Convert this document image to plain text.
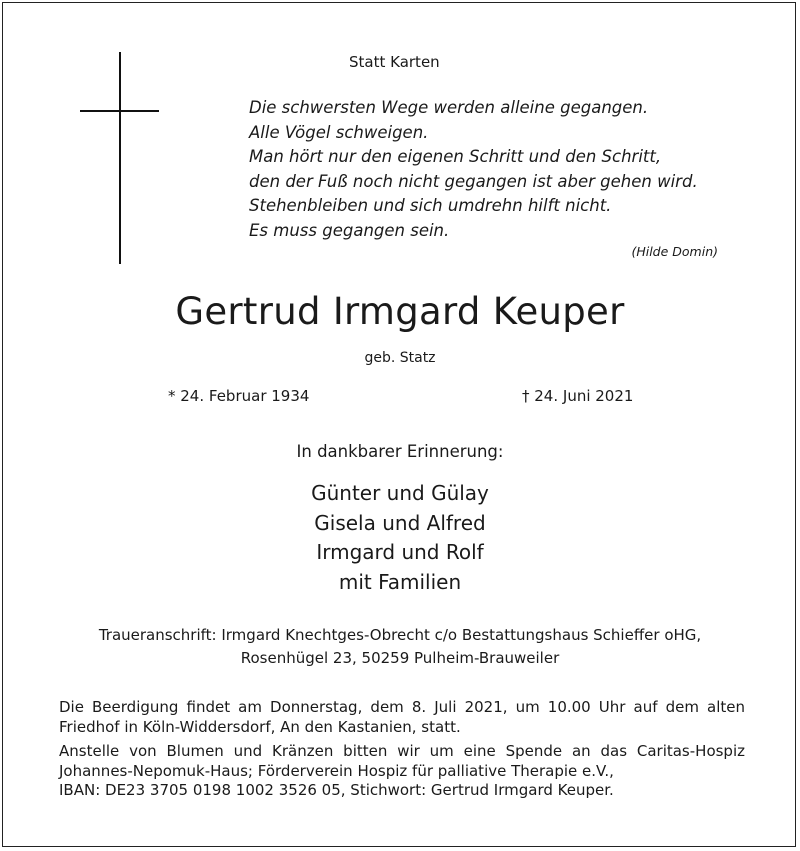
Statt Karten
Die schwersten Wege werden alleine gegangen.
Alle Vögel schweigen.
Man hört nur den eigenen Schritt und den Schritt,
den der Fuß noch nicht gegangen ist aber gehen wird.
Stehenbleiben und sich umdrehn hilft nicht.
Es muss gegangen sein.
(Hilde Domin)
Gertrud Irmgard Keuper
geb. Statz
* 24. Februar 1934	† 24. Juni 2021
In dankbarer Erinnerung:
Günter und Gülay
Gisela und Alfred
Irmgard und Rolf
mit Familien
Traueranschrift: Irmgard Knechtges-Obrecht c/o Bestattungshaus Schieffer oHG,
Rosenhügel 23, 50259 Pulheim-Brauweiler
Die Beerdigung findet am Donnerstag, dem 8. Juli 2021, um 10.00 Uhr auf dem alten
Friedhof in Köln-Widdersdorf, An den Kastanien, statt.
Anstelle von Blumen und Kränzen bitten wir um eine Spende an das Caritas-Hospiz
Johannes-Nepomuk-Haus; Förderverein Hospiz für palliative Therapie e.V.,
IBAN: DE23 3705 0198 1002 3526 05, Stichwort: Gertrud Irmgard Keuper.
